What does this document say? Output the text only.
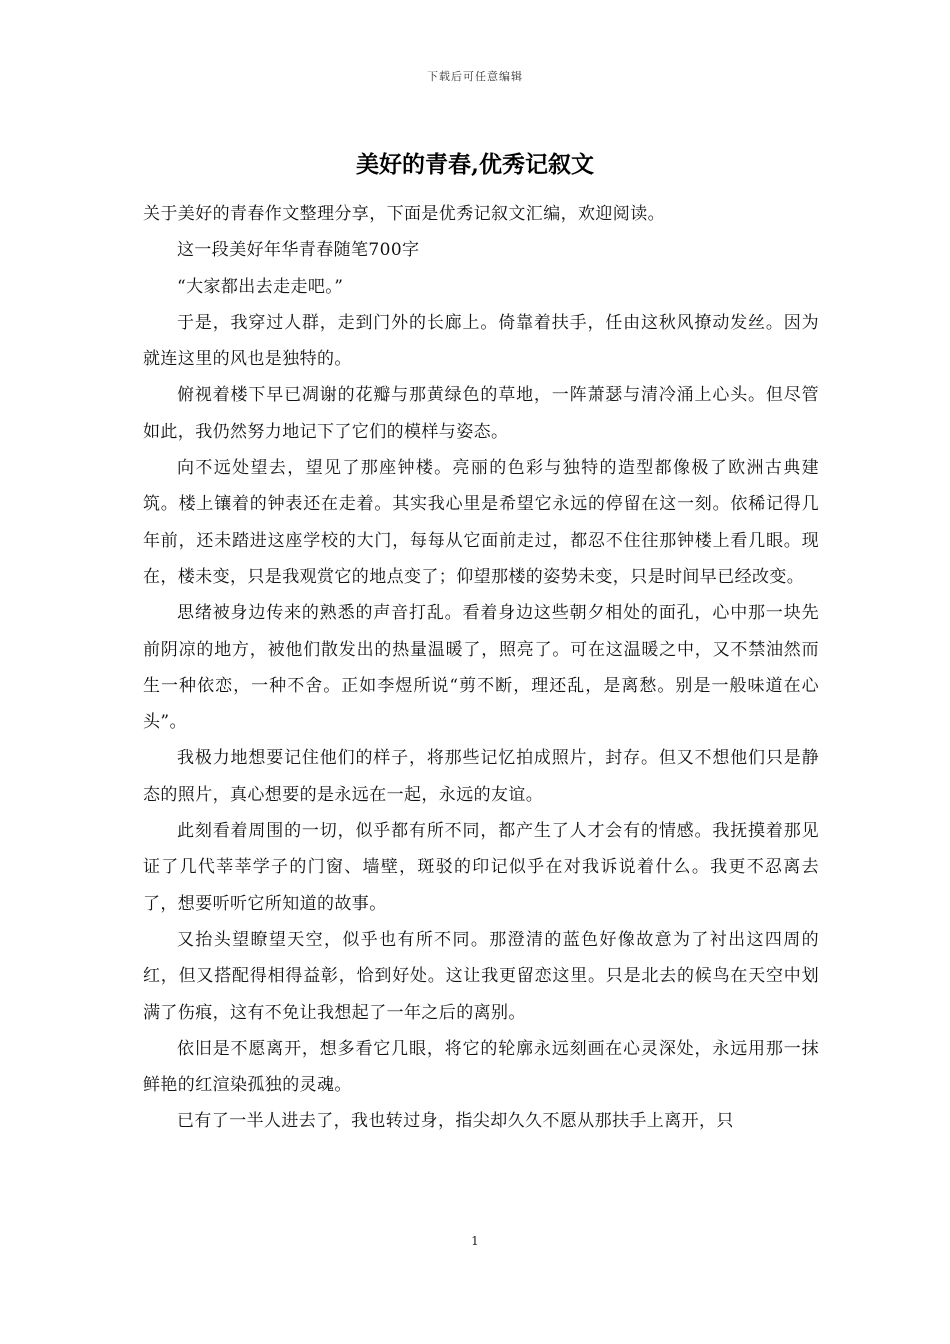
下载后可任意编辑
美好的青春,优秀记叙文

关于美好的青春作文整理分享，下面是优秀记叙文汇编，欢迎阅读。

这一段美好年华青春随笔700字

“大家都出去走走吧。”

于是，我穿过人群，走到门外的长廊上。倚靠着扶手，任由这秋风撩动发丝。因为就连这里的风也是独特的。

俯视着楼下早已凋谢的花瓣与那黄绿色的草地，一阵萧瑟与清冷涌上心头。但尽管如此，我仍然努力地记下了它们的模样与姿态。

向不远处望去，望见了那座钟楼。亮丽的色彩与独特的造型都像极了欧洲古典建筑。楼上镶着的钟表还在走着。其实我心里是希望它永远的停留在这一刻。依稀记得几年前，还未踏进这座学校的大门，每每从它面前走过，都忍不住往那钟楼上看几眼。现在，楼未变，只是我观赏它的地点变了；仰望那楼的姿势未变，只是时间早已经改变。

思绪被身边传来的熟悉的声音打乱。看着身边这些朝夕相处的面孔，心中那一块先前阴凉的地方，被他们散发出的热量温暖了，照亮了。可在这温暖之中，又不禁油然而生一种依恋，一种不舍。正如李煜所说“剪不断，理还乱，是离愁。别是一般味道在心头”。

我极力地想要记住他们的样子，将那些记忆拍成照片，封存。但又不想他们只是静态的照片，真心想要的是永远在一起，永远的友谊。

此刻看着周围的一切，似乎都有所不同，都产生了人才会有的情感。我抚摸着那见证了几代莘莘学子的门窗、墙壁，斑驳的印记似乎在对我诉说着什么。我更不忍离去了，想要听听它所知道的故事。

又抬头望瞭望天空，似乎也有所不同。那澄清的蓝色好像故意为了衬出这四周的红，但又搭配得相得益彰，恰到好处。这让我更留恋这里。只是北去的候鸟在天空中划满了伤痕，这有不免让我想起了一年之后的离别。

依旧是不愿离开，想多看它几眼，将它的轮廓永远刻画在心灵深处，永远用那一抹鲜艳的红渲染孤独的灵魂。

已有了一半人进去了，我也转过身，指尖却久久不愿从那扶手上离开，只

1
